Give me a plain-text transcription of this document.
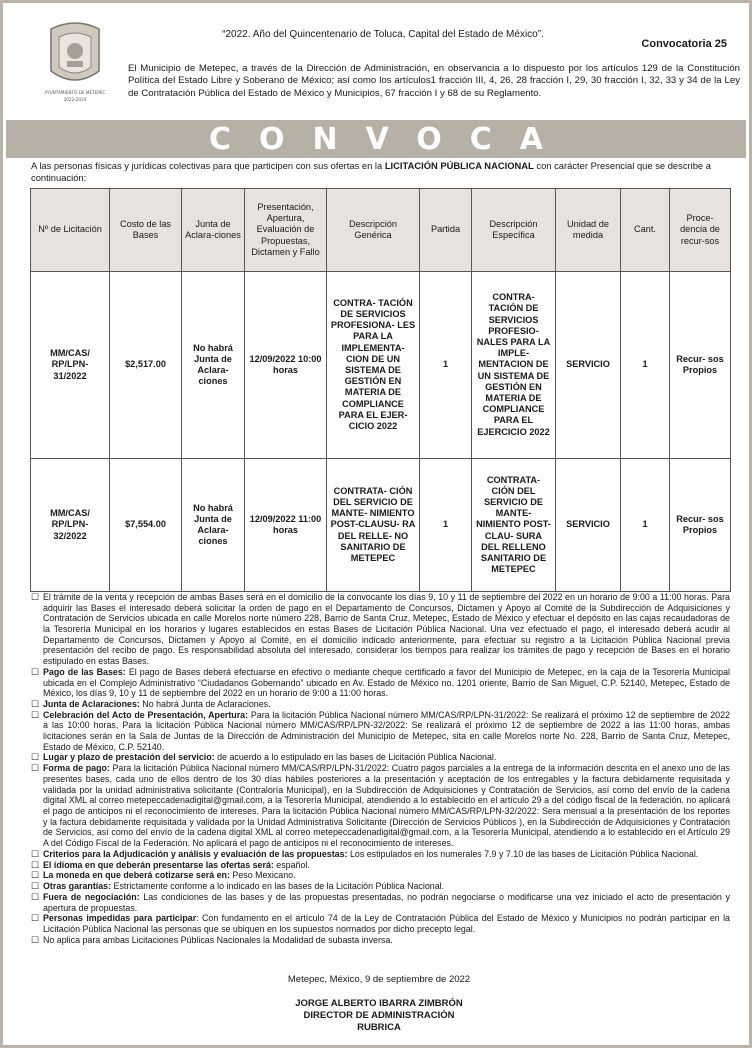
AYUNTAMIENTO DE METEPEC
2022-2024
“2022. Año del Quincentenario de Toluca, Capital del Estado de México”.
Convocatoria 25
El Municipio de Metepec, a través de la Dirección de Administración, en observancia a lo dispuesto por los artículos 129 de la Constitución Política del Estado Libre y Soberano de México; así como los artículos1 fracción III, 4, 26, 28 fracción I, 29, 30 fracción I, 32, 33 y 34 de la Ley de Contratación Pública del Estado de México y Municipios, 67 fracción I y 68 de su Reglamento.
CONVOCA
A las personas físicas y jurídicas colectivas para que participen con sus ofertas en la LICITACIÓN PÚBLICA NACIONAL con carácter Presencial que se describe a continuación:
Nº de Licitación	Costo de las Bases	Junta de Aclara-ciones	Presentación, Apertura, Evaluación de Propuestas, Dictamen y Fallo	Descripción Genérica	Partida	Descripción Específica	Unidad de medida	Cant.	Proce-dencia de recur-sos
MM/CAS/ RP/LPN- 31/2022	$2,517.00	No habrá Junta de Aclara- ciones	12/09/2022 10:00 horas	CONTRA- TACIÓN DE SERVICIOS PROFESIONA- LES PARA LA IMPLEMENTA- CION DE UN SISTEMA DE GESTIÓN EN MATERIA DE COMPLIANCE PARA EL EJER- CICIO 2022	1	CONTRA- TACIÓN DE SERVICIOS PROFESIO- NALES PARA LA IMPLE- MENTACION DE UN SISTEMA DE GESTIÓN EN MATERIA DE COMPLIANCE PARA EL EJERCICIO 2022	SERVICIO	1	Recur- sos Propios
MM/CAS/ RP/LPN- 32/2022	$7,554.00	No habrá Junta de Aclara- ciones	12/09/2022 11:00 horas	CONTRATA- CIÓN DEL SERVICIO DE MANTE- NIMIENTO POST-CLAUSU- RA DEL RELLE- NO SANITARIO DE METEPEC	1	CONTRATA- CIÓN DEL SERVICIO DE MANTE- NIMIENTO POST-CLAU- SURA DEL RELLENO SANITARIO DE METEPEC	SERVICIO	1	Recur- sos Propios

☐ El trámite de la venta y recepción de ambas Bases será en el domicilio de la convocante los días 9, 10 y 11 de septiembre del 2022 en un horario de 9:00 a 11:00 horas. Para adquirir las Bases el interesado deberá solicitar la orden de pago en el Departamento de Concursos, Dictamen y Apoyo al Comité de la Subdirección de Adquisiciones y Contratación de Servicios ubicada en calle Morelos norte número 228, Barrio de Santa Cruz, Metepec, Estado de México y efectuar el depósito en las cajas recaudadoras de la Tesorería Municipal en los horarios y lugares establecidos en estas Bases de Licitación Pública Nacional. Una vez efectuado el pago, el interesado deberá acudir al Departamento de Concursos, Dictamen y Apoyo al Comité, en el domicilio indicado anteriormente, para efectuar su registro a la Licitación Pública Nacional previa presentación del recibo de pago. Es responsabilidad absoluta del interesado, considerar los tiempos para realizar los trámites de pago y recepción de Bases en el horario estipulado en estas Bases.

☐ Pago de las Bases: El pago de Bases deberá efectuarse en efectivo o mediante cheque certificado a favor del Municipio de Metepec, en la caja de la Tesorería Municipal ubicada en el Complejo Administrativo “Ciudadanos Gobernando” ubicado en Av. Estado de México no. 1201 oriente, Barrio de San Miguel, C.P. 52140, Metepec, Estado de México, los días 9, 10 y 11 de septiembre del 2022 en un horario de 9:00 a 11:00 horas.

☐ Junta de Aclaraciones: No habrá Junta de Aclaraciones.

☐ Celebración del Acto de Presentación, Apertura: Para la licitación Pública Nacional número MM/CAS/RP/LPN-31/2022: Se realizará el próximo 12 de septiembre de 2022 a las 10:00 horas, Para la licitación Pública Nacional número MM/CAS/RP/LPN-32/2022: Se realizará el próximo 12 de septiembre de 2022 a las 11:00 horas, ambas licitaciones serán en la Sala de Juntas de la Dirección de Administración del Municipio de Metepec, sita en calle Morelos norte No. 228, Barrio de Santa Cruz, Metepec, Estado de México, C.P. 52140.

☐ Lugar y plazo de prestación del servicio: de acuerdo a lo estipulado en las bases de Licitación Pública Nacional.

☐ Forma de pago: Para la licitación Pública Nacional número MM/CAS/RP/LPN-31/2022: Cuatro pagos parciales a la entrega de la información descrita en el anexo uno de las presentes bases, cada uno de ellos dentro de los 30 días hábiles posteriores a la presentación y aceptación de los entregables y la factura debidamente requisitada y validada por la unidad administrativa solicitante (Contraloría Municipal), en la Subdirección de Adquisiciones y Contratación de Servicios, así como del envío de la cadena digital XML al correo metepeccadenadigital@gmail.com, a la Tesorería Municipal, atendiendo a lo establecido en el artículo 29 a del código fiscal de la federación. no aplicará el pago de anticipos ni el reconocimiento de intereses. Para la licitación Pública Nacional número MM/CAS/RP/LPN-32/2022: Sera mensual a la presentación de los reportes y la factura debidamente requisitada y validada por la Unidad Administrativa Solicitante (Dirección de Servicios Públicos ), en la Subdirección de Adquisiciones y Contratación de Servicios, así como del envío de la cadena digital XML al correo metepeccadenadigital@gmail.com, a la Tesorería Municipal, atendiendo a lo establecido en el Artículo 29 A del Código Fiscal de la Federación. No aplicará el pago de anticipos ni el reconocimiento de intereses.

☐ Criterios para la Adjudicación y análisis y evaluación de las propuestas: Los estipulados en los numerales 7.9 y 7.10 de las bases de Licitación Pública Nacional.

☐ El idioma en que deberán presentarse las ofertas será: español.

☐ La moneda en que deberá cotizarse será en: Peso Mexicano.

☐ Otras garantías: Estrictamente conforme a lo indicado en las bases de la Licitación Pública Nacional.

☐ Fuera de negociación: Las condiciones de las bases y de las propuestas presentadas, no podrán negociarse o modificarse una vez iniciado el acto de presentación y apertura de propuestas.

☐ Personas impedidas para participar: Con fundamento en el artículo 74 de la Ley de Contratación Pública del Estado de México y Municipios no podrán participar en la Licitación Pública Nacional las personas que se ubiquen en los supuestos normados por dicho precepto legal.

☐ No aplica para ambas Licitaciones Públicas Nacionales la Modalidad de subasta inversa.

Metepec, México, 9 de septiembre de 2022
JORGE ALBERTO IBARRA ZIMBRÓN
DIRECTOR DE ADMINISTRACIÓN
RUBRICA
